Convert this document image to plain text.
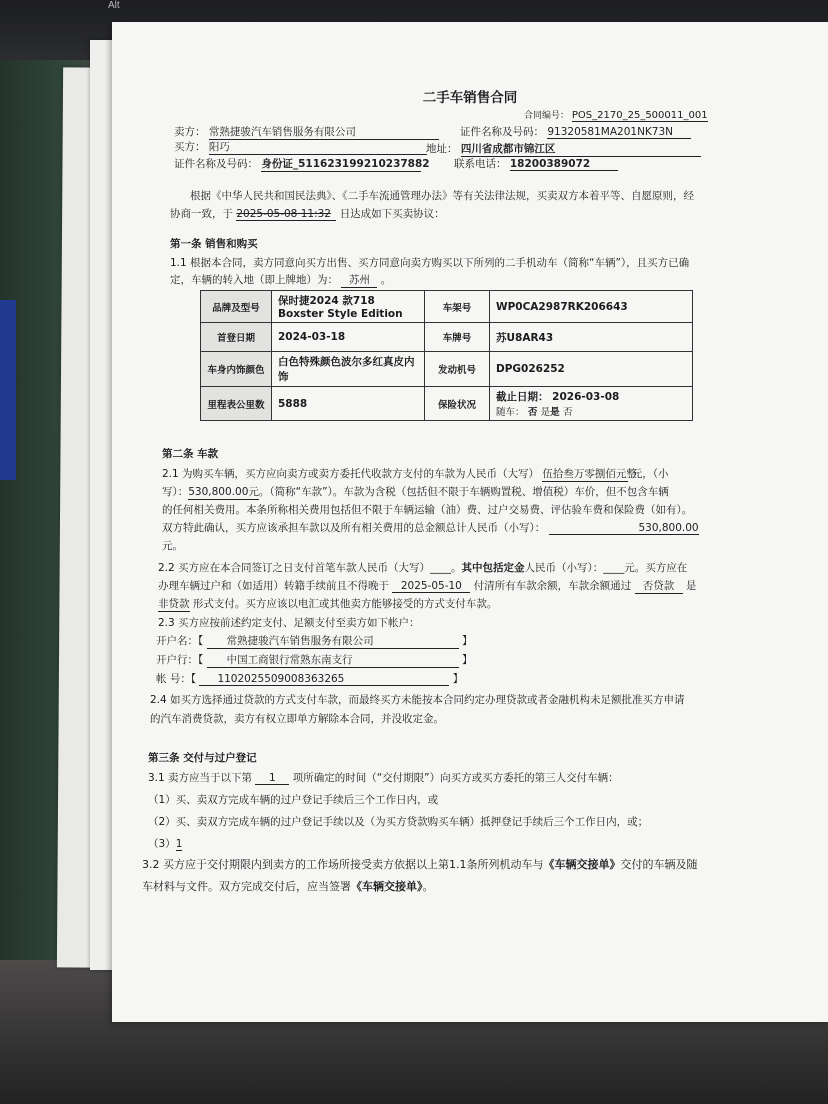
Alt
二手车销售合同
合同编号： POS_2170_25_500011_001
卖方： 常熟捷骏汽车销售服务有限公司	证件名称及号码： 91320581MA201NK73N
买方： 阳巧	地址： 四川省成都市锦江区
证件名称及号码： 身份证_511623199210237882 联系电话： 18200389072
根据《中华人民共和国民法典》、《二手车流通管理办法》等有关法律法规，买卖双方本着平等、自愿原则，经
协商一致，于 2025-05-08 11:32 日达成如下买卖协议：
第一条 销售和购买
1.1 根据本合同，卖方同意向买方出售、买方同意向卖方购买以下所列的二手机动车（简称“车辆”），且买方已确
定，车辆的转入地（即上牌地）为： 苏州 。
品牌及型号	保时捷2024 款718
Boxster Style Edition	车架号	WP0CA2987RK206643
首登日期	2024-03-18	车牌号	苏U8AR43
车身内饰颜色	白色特殊颜色波尔多红真皮内
饰	发动机号	DPG026252
里程表公里数	5888	保险状况	截止日期： 2026-03-08
随车： 否 是是 否
第二条 车款
2.1 为购买车辆，买方应向卖方或卖方委托代收款方支付的车款为人民币（大写） 伍拾叁万零捌佰元整 元，（小
写）：530,800.00元。（简称“车款”）。车款为含税（包括但不限于车辆购置税、增值税）车价，但不包含车辆
的任何相关费用。本条所称相关费用包括但不限于车辆运输（油）费、过户交易费、评估验车费和保险费（如有）。
双方特此确认，买方应该承担车款以及所有相关费用的总金额总计人民币（小写）：	530,800.00
元。
2.2 买方应在本合同签订之日支付首笔车款人民币（大写）____。其中包括定金人民币（小写）：____元。买方应在
办理车辆过户和（如适用）转籍手续前且不得晚于 2025-05-10 付清所有车款余额，车款余额通过 否贷款 是
非贷款 形式支付。买方应该以电汇或其他卖方能够接受的方式支付车款。
2.3 买方应按前述约定支付、足额支付至卖方如下帐户：
开户名：【 常熟捷骏汽车销售服务有限公司	】
开户行：【 中国工商银行常熟东南支行	】
帐 号：【 1102025509008363265	】
2.4 如买方选择通过贷款的方式支付车款，而最终买方未能按本合同约定办理贷款或者金融机构未足额批准买方申请
的汽车消费贷款，卖方有权立即单方解除本合同，并没收定金。
第三条 交付与过户登记
3.1 卖方应当于以下第 1 项所确定的时间（“交付期限”）向买方或买方委托的第三人交付车辆：
（1）买、卖双方完成车辆的过户登记手续后三个工作日内，或
（2）买、卖双方完成车辆的过户登记手续以及（为买方贷款购买车辆）抵押登记手续后三个工作日内，或；
（3）1
3.2 买方应于交付期限内到卖方的工作场所接受卖方依据以上第1.1条所列机动车与《车辆交接单》交付的车辆及随
车材料与文件。双方完成交付后，应当签署《车辆交接单》。
